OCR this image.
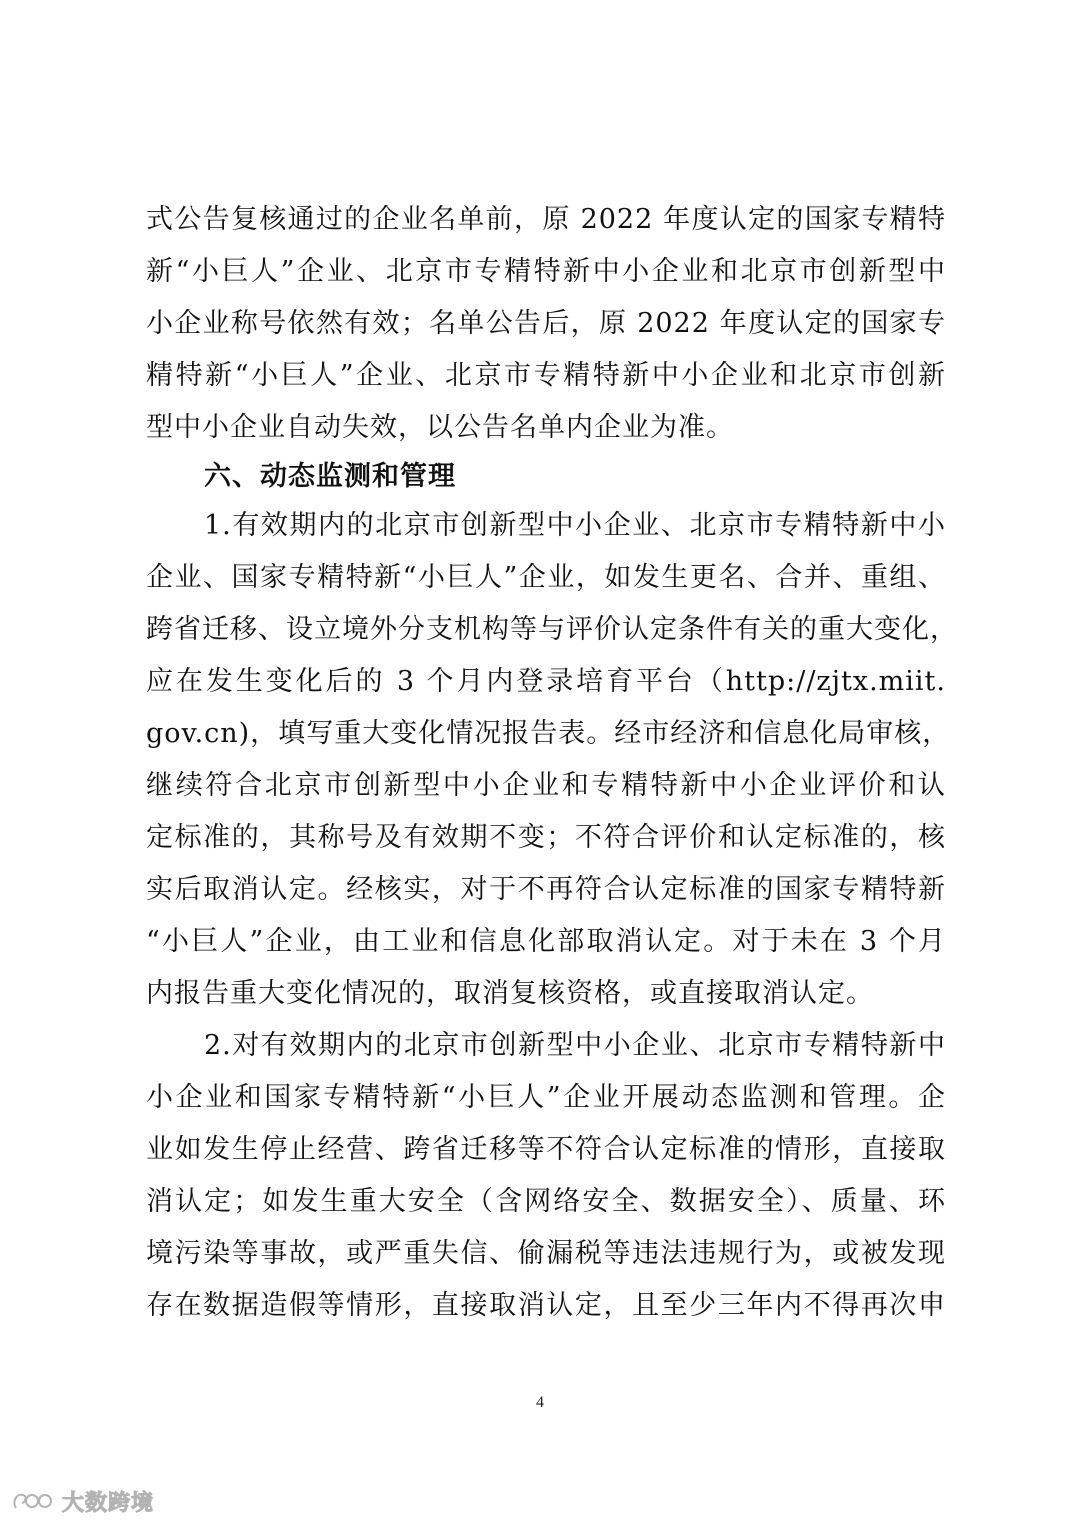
式公告复核通过的企业名单前，原 2022 年度认定的国家专精特
新“小巨人”企业、北京市专精特新中小企业和北京市创新型中
小企业称号依然有效；名单公告后，原 2022 年度认定的国家专
精特新“小巨人”企业、北京市专精特新中小企业和北京市创新
型中小企业自动失效，以公告名单内企业为准。
六、动态监测和管理
1.有效期内的北京市创新型中小企业、北京市专精特新中小
企业、国家专精特新“小巨人”企业，如发生更名、合并、重组、
跨省迁移、设立境外分支机构等与评价认定条件有关的重大变化，
应在发生变化后的 3 个月内登录培育平台（http://zjtx.miit.
gov.cn)，填写重大变化情况报告表。经市经济和信息化局审核，
继续符合北京市创新型中小企业和专精特新中小企业评价和认
定标准的，其称号及有效期不变；不符合评价和认定标准的，核
实后取消认定。经核实，对于不再符合认定标准的国家专精特新
“小巨人”企业，由工业和信息化部取消认定。对于未在 3 个月
内报告重大变化情况的，取消复核资格，或直接取消认定。
2.对有效期内的北京市创新型中小企业、北京市专精特新中
小企业和国家专精特新“小巨人”企业开展动态监测和管理。企
业如发生停止经营、跨省迁移等不符合认定标准的情形，直接取
消认定；如发生重大安全（含网络安全、数据安全）、质量、环
境污染等事故，或严重失信、偷漏税等违法违规行为，或被发现
存在数据造假等情形，直接取消认定，且至少三年内不得再次申
4
大数跨境
